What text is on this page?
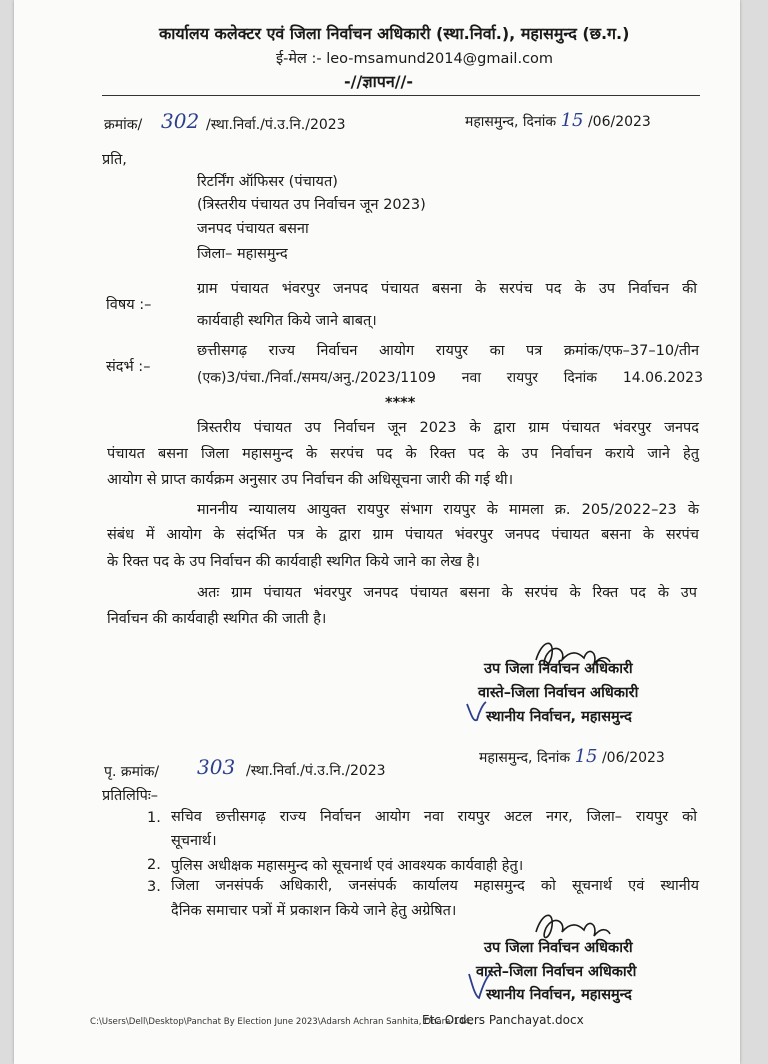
कार्यालय कलेक्टर एवं जिला निर्वाचन अधिकारी (स्था.निर्वा.), महासमुन्द (छ.ग.)
ई-मेल :- leo-msamund2014@gmail.com
-//ज्ञापन//-
क्रमांक/ 302 /स्था.निर्वा./पं.उ.नि./2023	महासमुन्द, दिनांक 15 /06/2023
प्रति,
रिटर्निंग ऑफिसर (पंचायत)
(त्रिस्तरीय पंचायत उप निर्वाचन जून 2023)
जनपद पंचायत बसना
जिला– महासमुन्द
विषय :–
ग्राम पंचायत भंवरपुर जनपद पंचायत बसना के सरपंच पद के उप निर्वाचन की
कार्यवाही स्थगित किये जाने बाबत्।
संदर्भ :–
छत्तीसगढ़ राज्य निर्वाचन आयोग रायपुर का पत्र क्रमांक/एफ–37–10/तीन
(एक)3/पंचा./निर्वा./समय/अनु./2023/1109 नवा रायपुर दिनांक 14.06.2023
****
त्रिस्तरीय पंचायत उप निर्वाचन जून 2023 के द्वारा ग्राम पंचायत भंवरपुर जनपद
पंचायत बसना जिला महासमुन्द के सरपंच पद के रिक्त पद के उप निर्वाचन कराये जाने हेतु
आयोग से प्राप्त कार्यक्रम अनुसार उप निर्वाचन की अधिसूचना जारी की गई थी।
माननीय न्यायालय आयुक्त रायपुर संभाग रायपुर के मामला क्र. 205/2022–23 के
संबंध में आयोग के संदर्भित पत्र के द्वारा ग्राम पंचायत भंवरपुर जनपद पंचायत बसना के सरपंच
के रिक्त पद के उप निर्वाचन की कार्यवाही स्थगित किये जाने का लेख है।
अतः ग्राम पंचायत भंवरपुर जनपद पंचायत बसना के सरपंच के रिक्त पद के उप
निर्वाचन की कार्यवाही स्थगित की जाती है।
उप जिला निर्वाचन अधिकारी
वास्ते–जिला निर्वाचन अधिकारी
स्थानीय निर्वाचन, महासमुन्द
पृ. क्रमांक/ 303 /स्था.निर्वा./पं.उ.नि./2023
महासमुन्द, दिनांक 15 /06/2023
प्रतिलिपिः–
1. सचिव छत्तीसगढ़ राज्य निर्वाचन आयोग नवा रायपुर अटल नगर, जिला– रायपुर को
सूचनार्थ।
2. पुलिस अधीक्षक महासमुन्द को सूचनार्थ एवं आवश्यक कार्यवाही हेतु।
3. जिला जनसंपर्क अधिकारी, जनसंपर्क कार्यालय महासमुन्द को सूचनार्थ एवं स्थानीय
दैनिक समाचार पत्रों में प्रकाशन किये जाने हेतु अग्रेषित।
उप जिला निर्वाचन अधिकारी
वास्ते–जिला निर्वाचन अधिकारी
स्थानीय निर्वाचन, महासमुन्द
C:\Users\Dell\Desktop\Panchat By Election June 2023\Adarsh Achran Sanhita, Dhara-144,
Etc Orders Panchayat.docx
